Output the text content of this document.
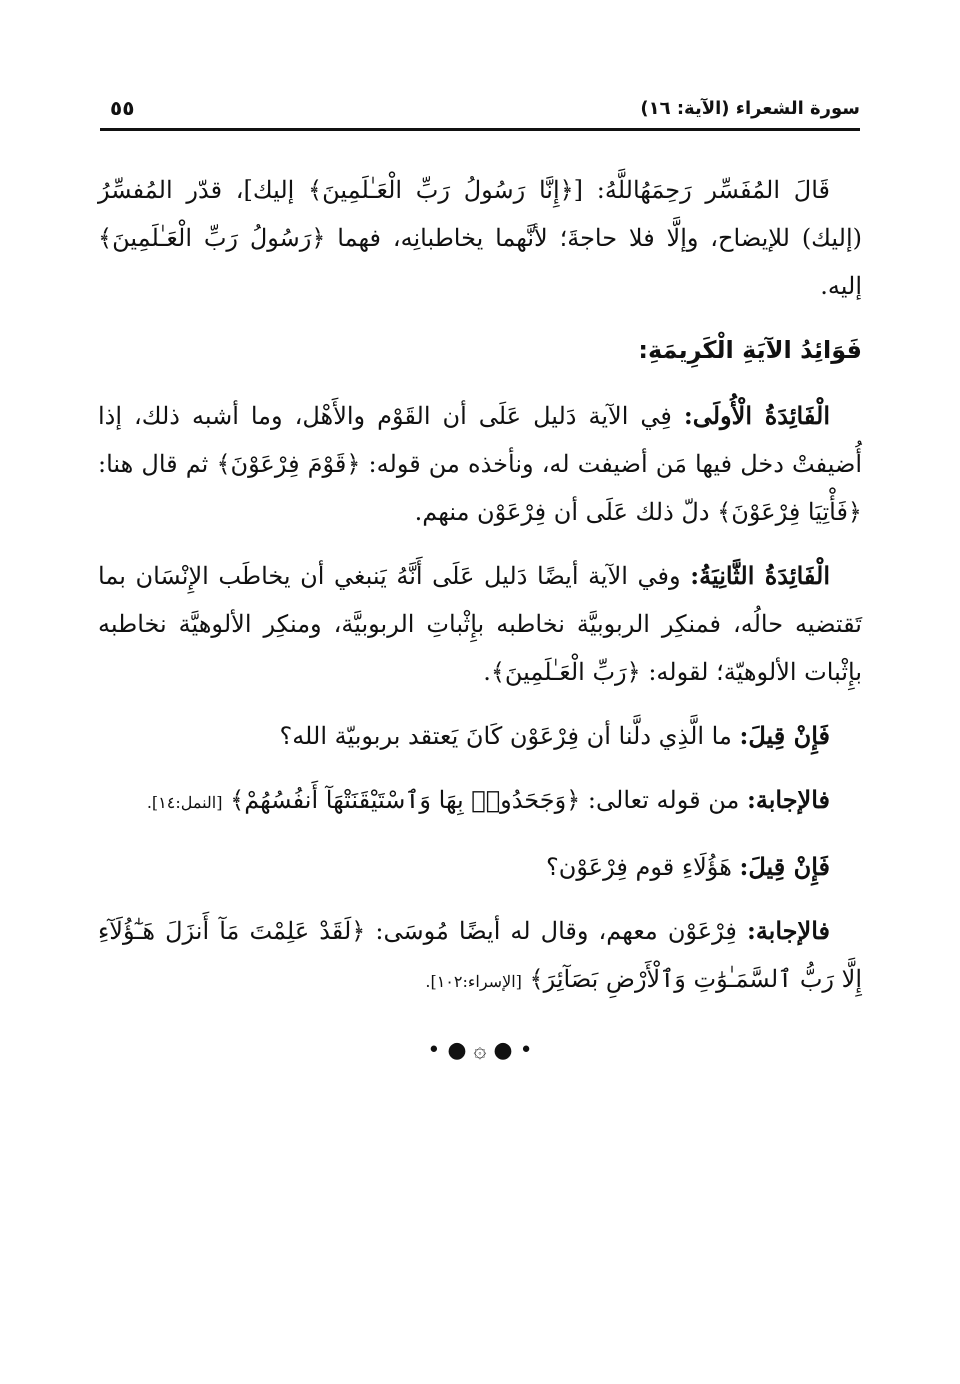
سورة الشعراء (الآية: ١٦)
٥٥

قَالَ المُفَسِّر رَحِمَهُاللَّهُ: [﴿إِنَّا رَسُولُ رَبِّ الْعَـٰلَمِينَ﴾ إليك]، قدّر المُفسِّرُ (إليك) للإيضاح، وإلَّا فلا حاجةَ؛ لأنَّهما يخاطبانِه، فهما ﴿رَسُولُ رَبِّ الْعَـٰلَمِينَ﴾ إليه.

فَوَائِدُ الآيَةِ الْكَرِيمَةِ:

الْفَائِدَةُ الْأُولَى: فِي الآية دَليل عَلَى أن القَوْم والأَهْل، وما أشبه ذلك، إذا أُضيفتْ دخل فيها مَن أضيفت له، ونأخذه من قوله: ﴿قَوْمَ فِرْعَوْنَ﴾ ثم قال هنا: ﴿فَأْتِيَا فِرْعَوْنَ﴾ دلّ ذلك عَلَى أن فِرْعَوْن منهم.

الْفَائِدَةُ الثَّانِيَةُ: وفي الآية أيضًا دَليل عَلَى أَنَّهُ يَنبغي أن يخاطَب الإِنْسَان بما تَقتضيه حالُه، فمنكِر الربوبيَّة نخاطبه بإِثْباتِ الربوبيَّة، ومنكِر الألوهيَّة نخاطبه بإِثْبات الألوهيّة؛ لقوله: ﴿رَبِّ الْعَـٰلَمِينَ﴾.

فَإِنْ قِيلَ: ما الَّذِي دلَّنا أن فِرْعَوْن كَانَ يَعتقد بربوبيّة الله؟

فالإجابة: من قوله تعالى: ﴿وَجَحَدُوا۟ بِهَا وَٱسْتَيْقَنَتْهَآ أَنفُسُهُمْ﴾ [النمل:١٤].

فَإِنْ قِيلَ: هَؤُلَاءِ قوم فِرْعَوْن؟

فالإجابة: فِرْعَوْن معهم، وقال له أيضًا مُوسَى: ﴿لَقَدْ عَلِمْتَ مَآ أَنزَلَ هَـٰٓؤُلَآءِ إِلَّا رَبُّ ٱلسَّمَـٰوَٰتِ وَٱلْأَرْضِ بَصَآئِرَ﴾ [الإسراء:١٠٢].

• ● ۞ ● •
